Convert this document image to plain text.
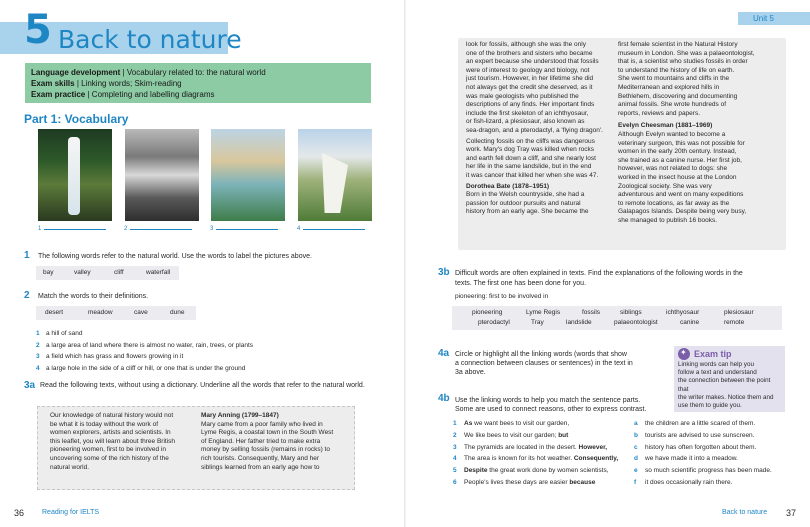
5 Back to nature
Language development | Vocabulary related to: the natural world
Exam skills | Linking words; Skim-reading
Exam practice | Completing and labelling diagrams
Part 1: Vocabulary
1	2	3	4
1 The following words refer to the natural world. Use the words to label the pictures above.
bay	valley	cliff	waterfall
2 Match the words to their definitions.
desert	meadow	cave	dune
1 a hill of sand
2 a large area of land where there is almost no water, rain, trees, or plants
3 a field which has grass and flowers growing in it
4 a large hole in the side of a cliff or hill, or one that is under the ground
3a Read the following texts, without using a dictionary. Underline all the words that refer to the natural world.

Our knowledge of natural history would not

be what it is today without the work of

women explorers, artists and scientists. In

this leaflet, you will learn about three British

pioneering women, first to be involved in

uncovering some of the rich history of the

natural world.

Mary Anning (1799–1847)

Mary came from a poor family who lived in

Lyme Regis, a coastal town in the South West

of England. Her father tried to make extra

money by selling fossils (remains in rocks) to

rich tourists. Consequently, Mary and her

siblings learned from an early age how to

36	Reading for IELTS
Unit 5

look for fossils, although she was the only

one of the brothers and sisters who became

an expert because she understood that fossils

were of interest to geology and biology, not

just tourism. However, in her lifetime she did

not always get the credit she deserved, as it

was male geologists who published the

descriptions of any finds. Her important finds

include the first skeleton of an ichthyosaur,

or fish-lizard, a plesiosaur, also known as

sea-dragon, and a pterodactyl, a 'flying dragon'.

Collecting fossils on the cliffs was dangerous

work. Mary's dog Tray was killed when rocks

and earth fell down a cliff, and she nearly lost

her life in the same landslide, but in the end

it was cancer that killed her when she was 47.

Dorothea Bate (1878–1951)

Born in the Welsh countryside, she had a

passion for outdoor pursuits and natural

history from an early age. She became the

first female scientist in the Natural History

museum in London. She was a palaeontologist,

that is, a scientist who studies fossils in order

to understand the history of life on earth.

She went to mountains and cliffs in the

Mediterranean and explored hills in

Bethlehem, discovering and documenting

animal fossils. She wrote hundreds of

reports, reviews and papers.

Evelyn Cheesman (1881–1969)

Although Evelyn wanted to become a

veterinary surgeon, this was not possible for

women in the early 20th century. Instead,

she trained as a canine nurse. Her first job,

however, was not related to dogs: she

worked in the insect house at the London

Zoological society. She was very

adventurous and went on many expeditions

to remote locations, as far away as the

Galapagos Islands. Despite being very busy,

she managed to publish 16 books.

3b Difficult words are often explained in texts. Find the explanations of the following words in the
texts. The first one has been done for you.
pioneering: first to be involved in
pioneering	Lyme Regis	fossils	siblings	ichthyosaur	plesiosaur
pterodactyl	Tray	landslide	palaeontologist	canine	remote
4a Circle or highlight all the linking words (words that show
a connection between clauses or sentences) in the text in
3a above.
✦
Exam tip
Linking words can help you
follow a text and understand
the connection between the point that
the writer makes. Notice them and
use them to guide you.
4b Use the linking words to help you match the sentence parts.
Some are used to connect reasons, other to express contrast.
1 As we want bees to visit our garden,
2 We like bees to visit our garden; but
3 The pyramids are located in the desert. However,
4 The area is known for its hot weather. Consequently,
5 Despite the great work done by women scientists,
6 People's lives these days are easier because
a the children are a little scared of them.
b tourists are advised to use sunscreen.
c history has often forgotten about them.
d we have made it into a meadow.
e so much scientific progress has been made.
f it does occasionally rain there.
Back to nature 37
